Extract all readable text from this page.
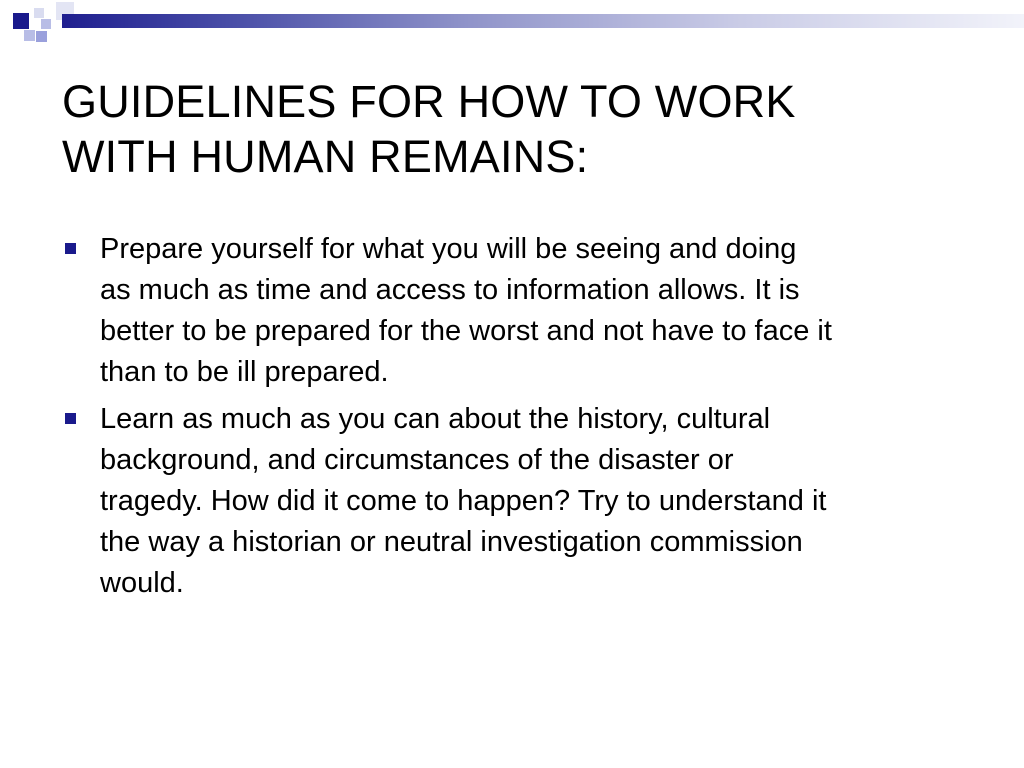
GUIDELINES FOR HOW TO WORK
WITH HUMAN REMAINS:
Prepare yourself for what you will be seeing and doing
as much as time and access to information allows. It is
better to be prepared for the worst and not have to face it
than to be ill prepared.
Learn as much as you can about the history, cultural
background, and circumstances of the disaster or
tragedy. How did it come to happen? Try to understand it
the way a historian or neutral investigation commission
would.
